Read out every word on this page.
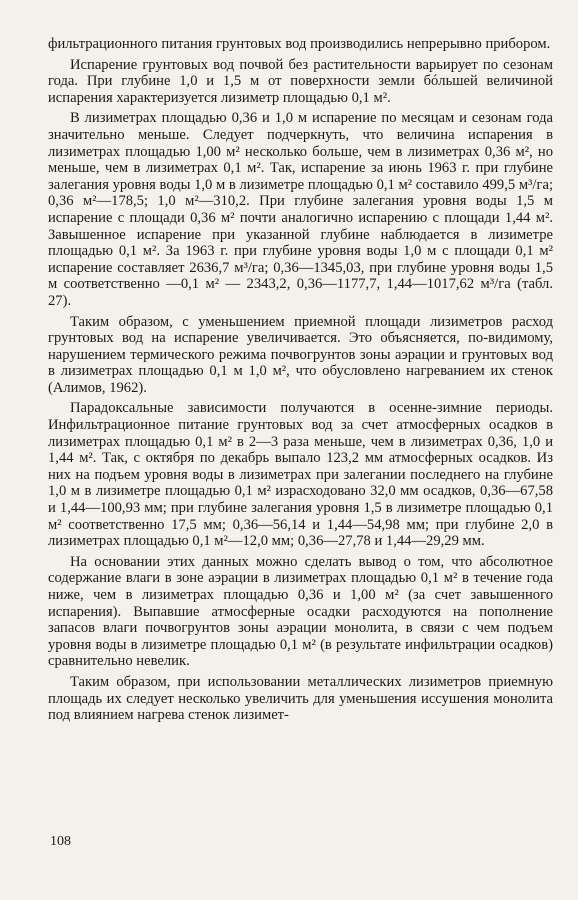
фильтрационного питания грунтовых вод производились непрерывно прибором.

Испарение грунтовых вод почвой без растительности варьирует по сезонам года. При глубине 1,0 и 1,5 м от поверхности земли бóльшей величиной испарения характеризуется лизиметр площадью 0,1 м².

В лизиметрах площадью 0,36 и 1,0 м испарение по месяцам и сезонам года значительно меньше. Следует подчеркнуть, что величина испарения в лизиметрах площадью 1,00 м² несколько больше, чем в лизиметрах 0,36 м², но меньше, чем в лизиметрах 0,1 м². Так, испарение за июнь 1963 г. при глубине залегания уровня воды 1,0 м в лизиметре площадью 0,1 м² составило 499,5 м³/га; 0,36 м²—178,5; 1,0 м²—310,2. При глубине залегания уровня воды 1,5 м испарение с площади 0,36 м² почти аналогично испарению с площади 1,44 м². Завышенное испарение при указанной глубине наблюдается в лизиметре площадью 0,1 м². За 1963 г. при глубине уровня воды 1,0 м с площади 0,1 м² испарение составляет 2636,7 м³/га; 0,36—1345,03, при глубине уровня воды 1,5 м соответственно —0,1 м² — 2343,2, 0,36—1177,7, 1,44—1017,62 м³/га (табл. 27).

Таким образом, с уменьшением приемной площади лизиметров расход грунтовых вод на испарение увеличивается. Это объясняется, по-видимому, нарушением термического режима почвогрунтов зоны аэрации и грунтовых вод в лизиметрах площадью 0,1 м 1,0 м², что обусловлено нагреванием их стенок (Алимов, 1962).

Парадоксальные зависимости получаются в осенне-зимние периоды. Инфильтрационное питание грунтовых вод за счет атмосферных осадков в лизиметрах площадью 0,1 м² в 2—3 раза меньше, чем в лизиметрах 0,36, 1,0 и 1,44 м². Так, с октября по декабрь выпало 123,2 мм атмосферных осадков. Из них на подъем уровня воды в лизиметрах при залегании последнего на глубине 1,0 м в лизиметре площадью 0,1 м² израсходовано 32,0 мм осадков, 0,36—67,58 и 1,44—100,93 мм; при глубине залегания уровня 1,5 в лизиметре площадью 0,1 м² соответственно 17,5 мм; 0,36—56,14 и 1,44—54,98 мм; при глубине 2,0 в лизиметрах площадью 0,1 м²—12,0 мм; 0,36—27,78 и 1,44—29,29 мм.

На основании этих данных можно сделать вывод о том, что абсолютное содержание влаги в зоне аэрации в лизиметрах площадью 0,1 м² в течение года ниже, чем в лизиметрах площадью 0,36 и 1,00 м² (за счет завышенного испарения). Выпавшие атмосферные осадки расходуются на пополнение запасов влаги почвогрунтов зоны аэрации монолита, в связи с чем подъем уровня воды в лизиметре площадью 0,1 м² (в результате инфильтрации осадков) сравнительно невелик.

Таким образом, при использовании металлических лизиметров приемную площадь их следует несколько увеличить для уменьшения иссушения монолита под влиянием нагрева стенок лизимет-

108
